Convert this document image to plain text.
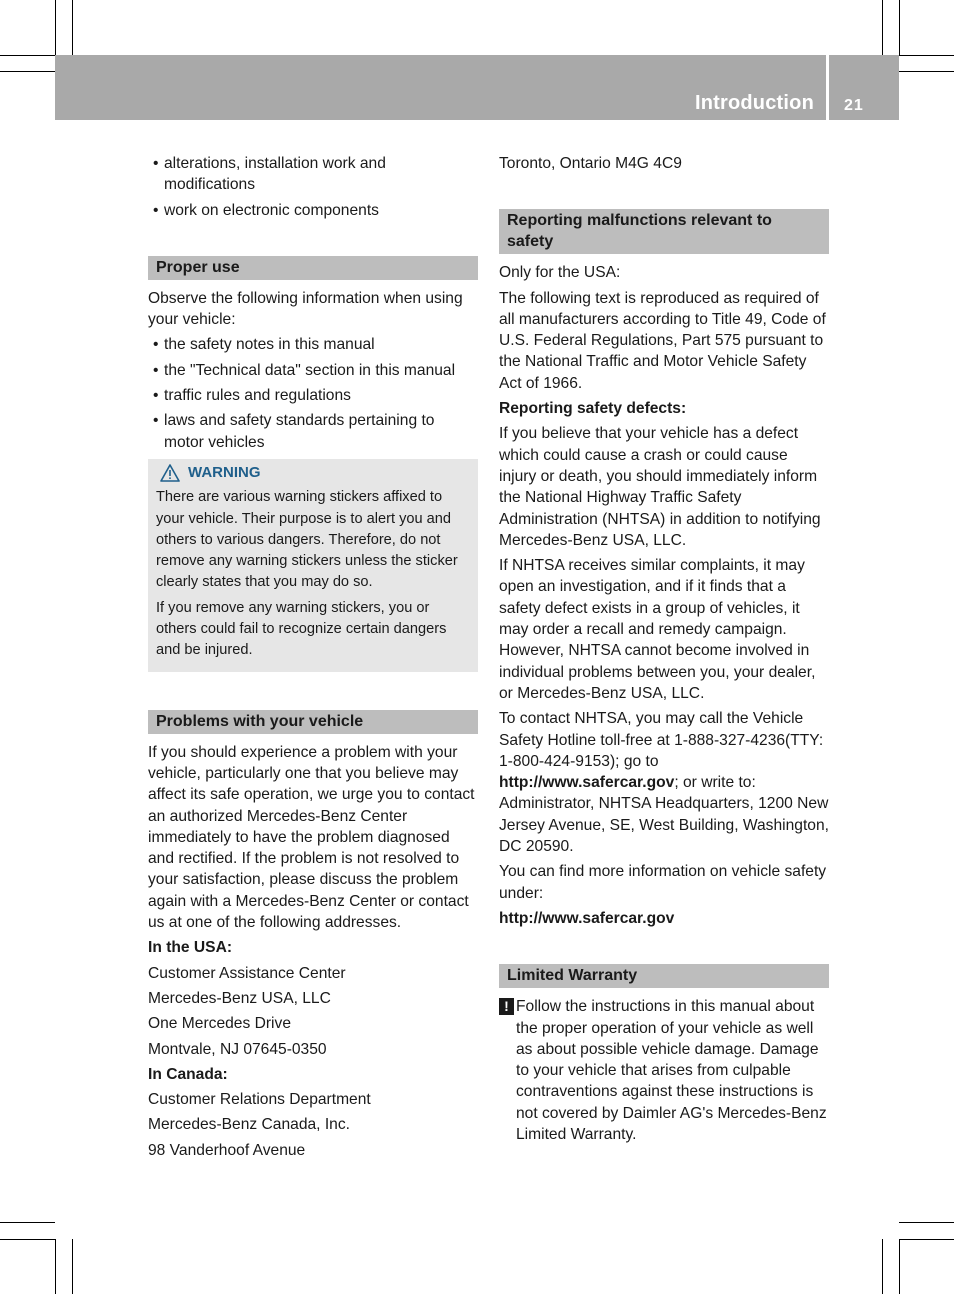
Introduction 21
• alterations, installation work and modifications
• work on electronic components
Proper use

Observe the following information when using your vehicle:

• the safety notes in this manual
• the "Technical data" section in this manual
• traffic rules and regulations
• laws and safety standards pertaining to motor vehicles
WARNING

There are various warning stickers affixed to your vehicle. Their purpose is to alert you and others to various dangers. Therefore, do not remove any warning stickers unless the sticker clearly states that you may do so.

If you remove any warning stickers, you or others could fail to recognize certain dangers and be injured.

Problems with your vehicle

If you should experience a problem with your vehicle, particularly one that you believe may affect its safe operation, we urge you to contact an authorized Mercedes-Benz Center immediately to have the problem diagnosed and rectified. If the problem is not resolved to your satisfaction, please discuss the problem again with a Mercedes-Benz Center or contact us at one of the following addresses.

In the USA:

Customer Assistance Center

Mercedes-Benz USA, LLC

One Mercedes Drive

Montvale, NJ 07645-0350

In Canada:

Customer Relations Department

Mercedes-Benz Canada, Inc.

98 Vanderhoof Avenue

Toronto, Ontario M4G 4C9

Reporting malfunctions relevant to safety

Only for the USA:

The following text is reproduced as required of all manufacturers according to Title 49, Code of U.S. Federal Regulations, Part 575 pursuant to the National Traffic and Motor Vehicle Safety Act of 1966.

Reporting safety defects:

If you believe that your vehicle has a defect which could cause a crash or could cause injury or death, you should immediately inform the National Highway Traffic Safety Administration (NHTSA) in addition to notifying Mercedes-Benz USA, LLC.

If NHTSA receives similar complaints, it may open an investigation, and if it finds that a safety defect exists in a group of vehicles, it may order a recall and remedy campaign. However, NHTSA cannot become involved in individual problems between you, your dealer, or Mercedes-Benz USA, LLC.

To contact NHTSA, you may call the Vehicle Safety Hotline toll-free at 1-888-327-4236(TTY: 1-800-424-9153); go to http://www.safercar.gov; or write to: Administrator, NHTSA Headquarters, 1200 New Jersey Avenue, SE, West Building, Washington, DC 20590.

You can find more information on vehicle safety under:

http://www.safercar.gov

Limited Warranty
! Follow the instructions in this manual about the proper operation of your vehicle as well as about possible vehicle damage. Damage to your vehicle that arises from culpable contraventions against these instructions is not covered by Daimler AG's Mercedes-Benz Limited Warranty.
